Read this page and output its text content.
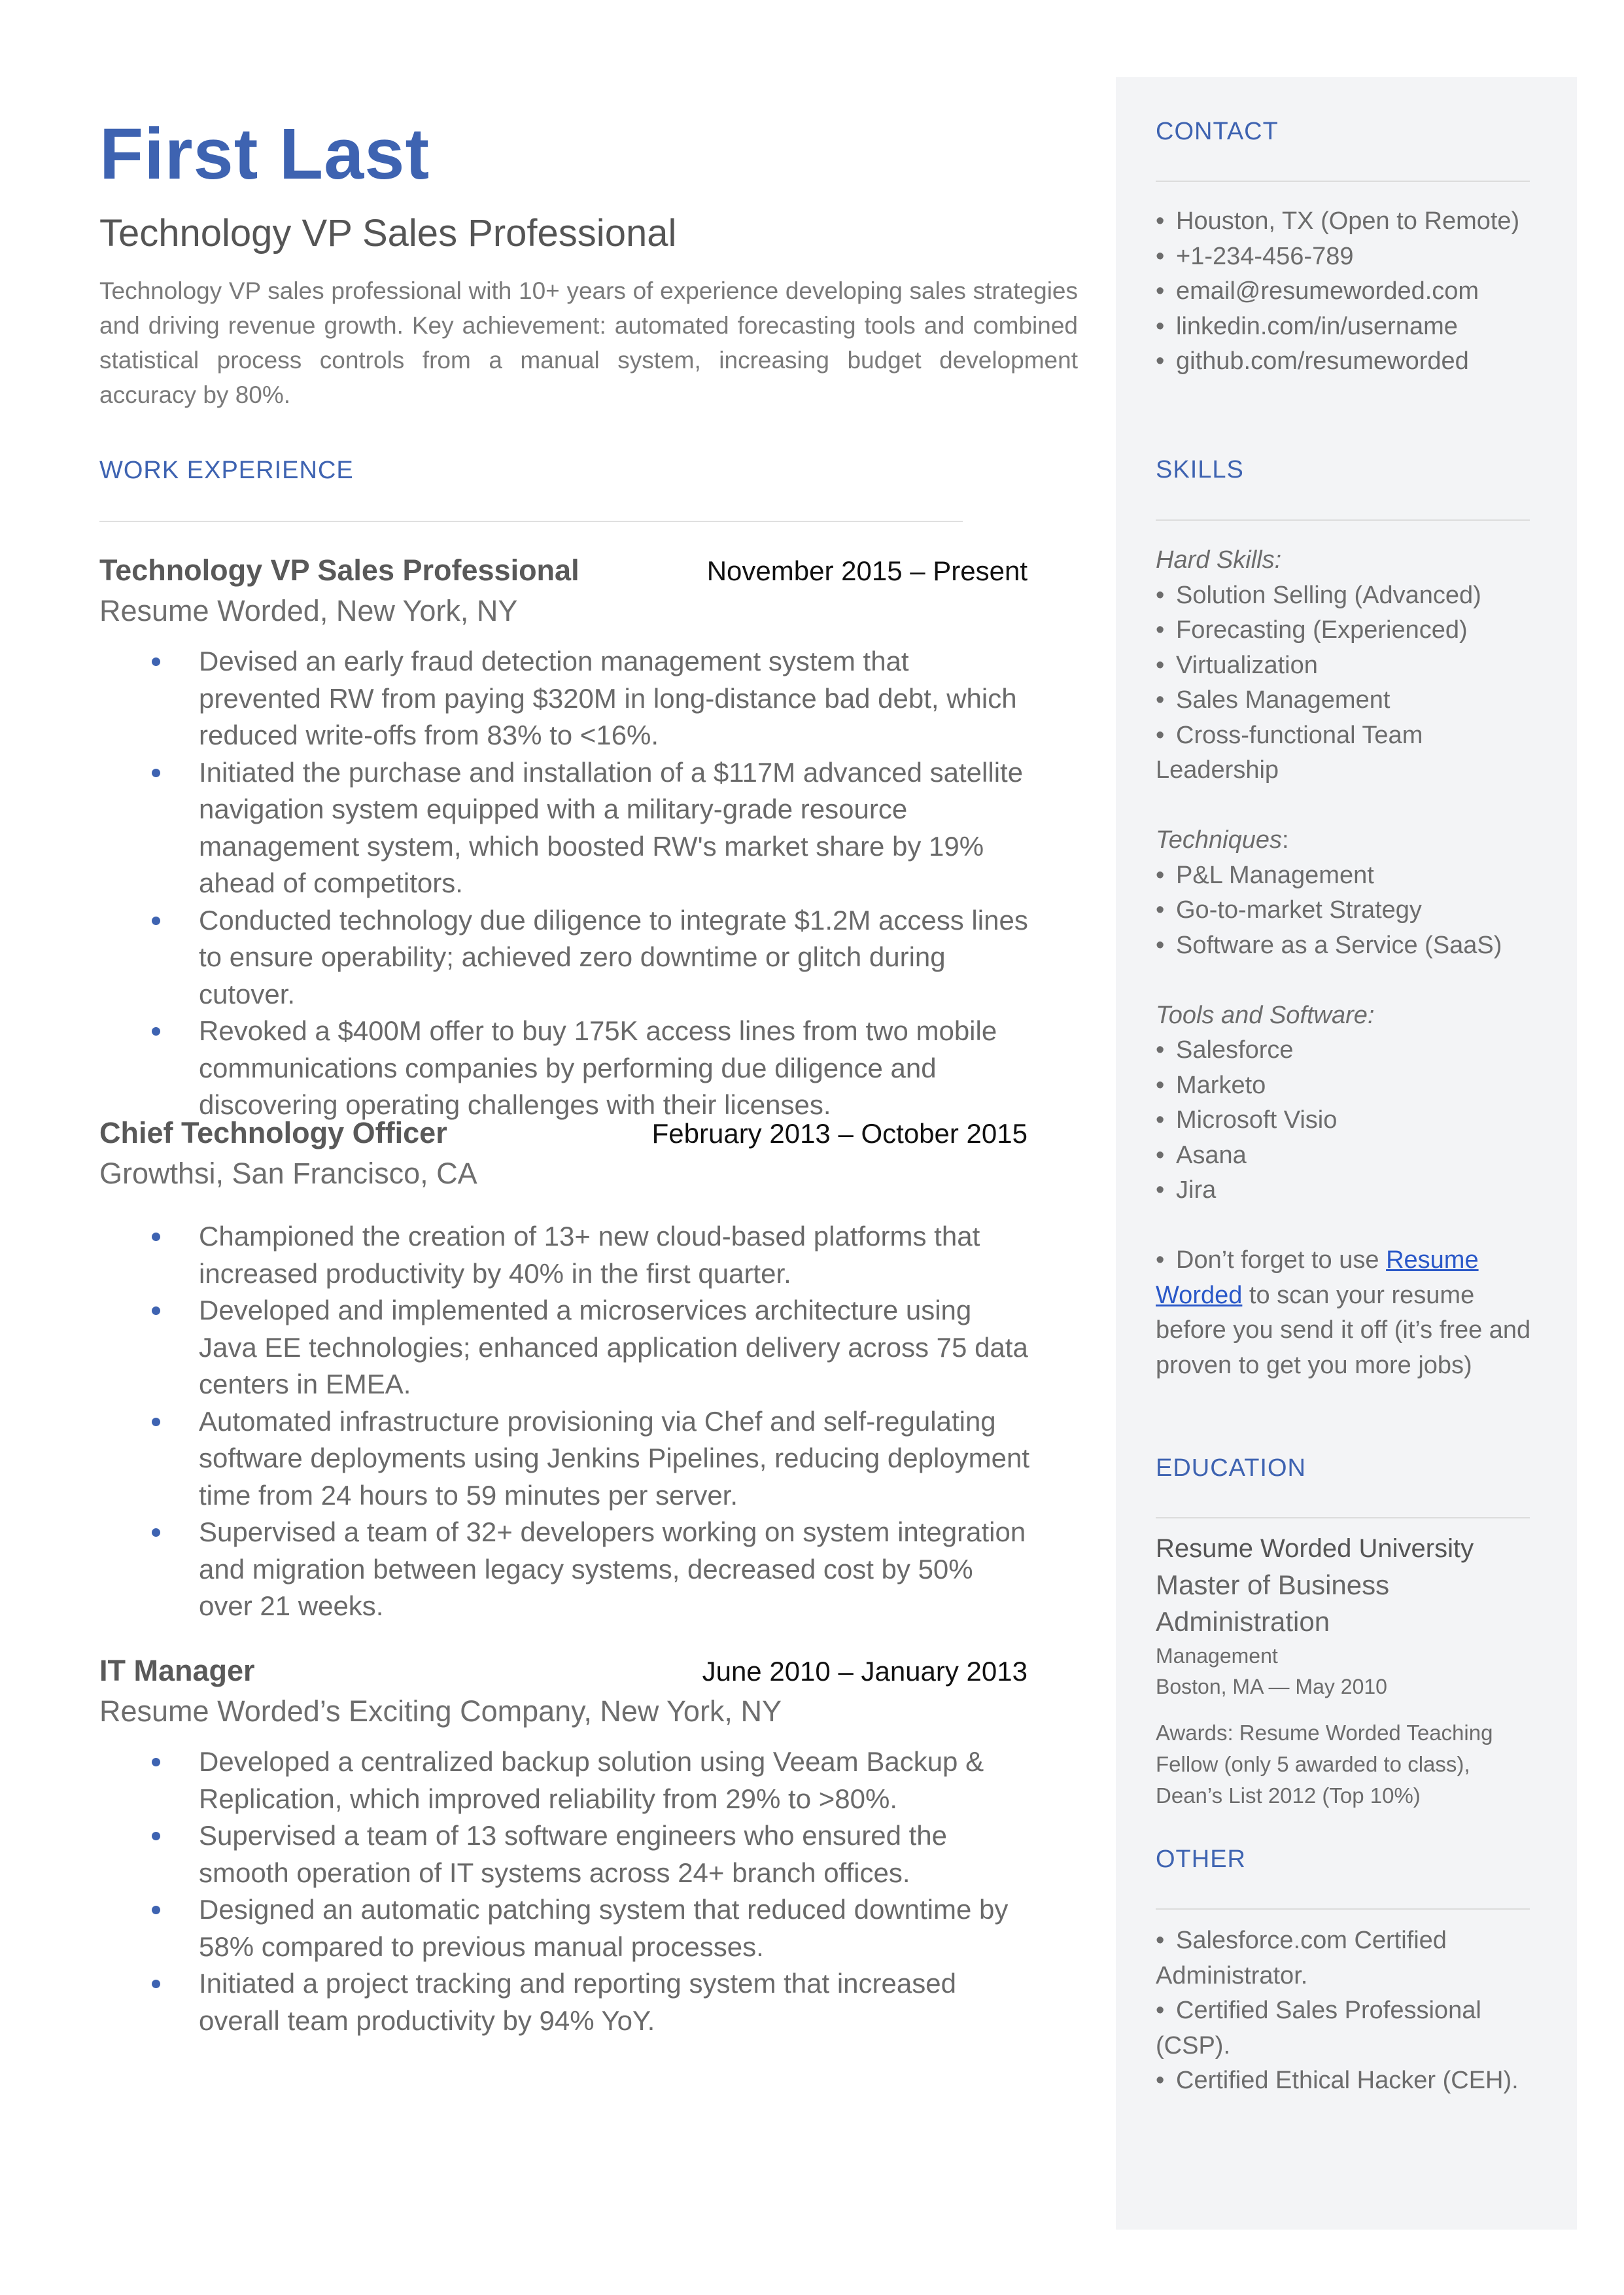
First Last
Technology VP Sales Professional
Technology VP sales professional with 10+ years of experience developing sales strategies and driving revenue growth. Key achievement: automated forecasting tools and combined statistical process controls from a manual system, increasing budget development accuracy by 80%.
WORK EXPERIENCE
Technology VP Sales Professional	November 2015 – Present
Resume Worded, New York, NY
Devised an early fraud detection management system that prevented RW from paying $320M in long-distance bad debt, which reduced write-offs from 83% to <16%.
Initiated the purchase and installation of a $117M advanced satellite navigation system equipped with a military-grade resource management system, which boosted RW's market share by 19% ahead of competitors.
Conducted technology due diligence to integrate $1.2M access lines to ensure operability; achieved zero downtime or glitch during cutover.
Revoked a $400M offer to buy 175K access lines from two mobile communications companies by performing due diligence and discovering operating challenges with their licenses.
Chief Technology Officer	February 2013 – October 2015
Growthsi, San Francisco, CA
Championed the creation of 13+ new cloud-based platforms that increased productivity by 40% in the first quarter.
Developed and implemented a microservices architecture using Java EE technologies; enhanced application delivery across 75 data centers in EMEA.
Automated infrastructure provisioning via Chef and self-regulating software deployments using Jenkins Pipelines, reducing deployment time from 24 hours to 59 minutes per server.
Supervised a team of 32+ developers working on system integration and migration between legacy systems, decreased cost by 50% over 21 weeks.
IT Manager	June 2010 – January 2013
Resume Worded’s Exciting Company, New York, NY
Developed a centralized backup solution using Veeam Backup & Replication, which improved reliability from 29% to >80%.
Supervised a team of 13 software engineers who ensured the smooth operation of IT systems across 24+ branch offices.
Designed an automatic patching system that reduced downtime by 58% compared to previous manual processes.
Initiated a project tracking and reporting system that increased overall team productivity by 94% YoY.
CONTACT
• Houston, TX (Open to Remote)
• +1-234-456-789
• email@resumeworded.com
• linkedin.com/in/username
• github.com/resumeworded
SKILLS
Hard Skills:
• Solution Selling (Advanced)
• Forecasting (Experienced)
• Virtualization
• Sales Management
• Cross-functional Team Leadership
Techniques:
• P&L Management
• Go-to-market Strategy
• Software as a Service (SaaS)
Tools and Software:
• Salesforce
• Marketo
• Microsoft Visio
• Asana
• Jira
• Don’t forget to use Resume Worded to scan your resume before you send it off (it’s free and proven to get you more jobs)
EDUCATION
Resume Worded University
Master of Business Administration
Management
Boston, MA — May 2010
Awards: Resume Worded Teaching Fellow (only 5 awarded to class), Dean’s List 2012 (Top 10%)
OTHER
• Salesforce.com Certified Administrator.
• Certified Sales Professional (CSP).
• Certified Ethical Hacker (CEH).
